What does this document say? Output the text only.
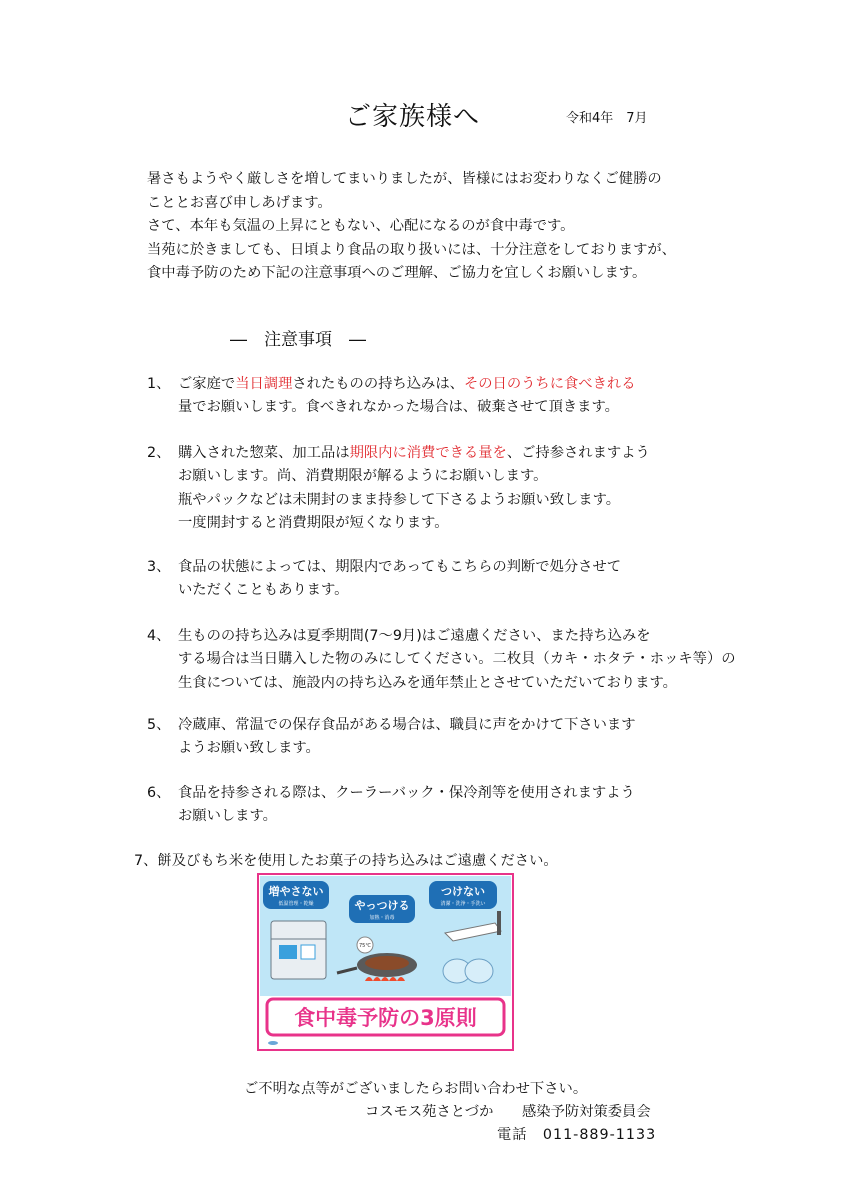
ご家族様へ	令和4年　7月
暑さもようやく厳しさを増してまいりましたが、皆様にはお変わりなくご健勝の
こととお喜び申しあげます。
さて、本年も気温の上昇にともない、心配になるのが食中毒です。
当苑に於きましても、日頃より食品の取り扱いには、十分注意をしておりますが、
食中毒予防のため下記の注意事項へのご理解、ご協力を宜しくお願いします。
―　注意事項　―
1、 ご家庭で当日調理されたものの持ち込みは、その日のうちに食べきれる
量でお願いします。食べきれなかった場合は、破棄させて頂きます。
2、 購入された惣菜、加工品は期限内に消費できる量を、ご持参されますよう
お願いします。尚、消費期限が解るようにお願いします。
瓶やパックなどは未開封のまま持参して下さるようお願い致します。
一度開封すると消費期限が短くなります。
3、 食品の状態によっては、期限内であってもこちらの判断で処分させて
いただくこともあります。
4、 生ものの持ち込みは夏季期間(7～9月)はご遠慮ください、また持ち込みを
する場合は当日購入した物のみにしてください。二枚貝（カキ・ホタテ・ホッキ等）の
生食については、施設内の持ち込みを通年禁止とさせていただいております。
5、 冷蔵庫、常温での保存食品がある場合は、職員に声をかけて下さいます
ようお願い致します。
6、 食品を持参される際は、クーラーバック・保冷剤等を使用されますよう
お願いします。
7、餅及びもち米を使用したお菓子の持ち込みはご遠慮ください。
増やさない
低温管理・乾燥	やっつける
加熱・消毒
つけない
清潔・洗浄・手洗い
75℃
食中毒予防の3原則
ご不明な点等がございましたらお問い合わせ下さい。
コスモス苑さとづか　　感染予防対策委員会
電話　011-889-1133
